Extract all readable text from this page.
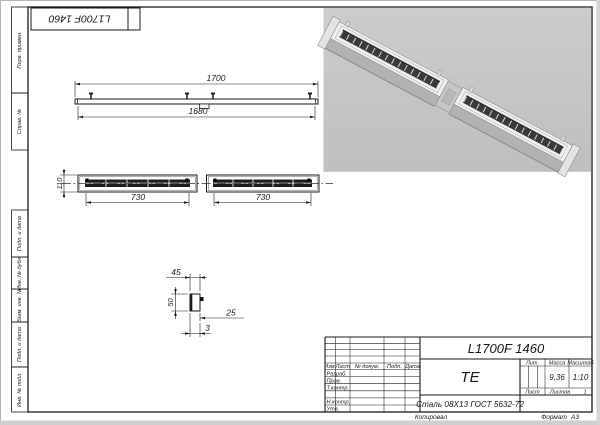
Перв. примен.
Справ. №
Подп. и дата
Инв. № дубл.
Взам. инв. №
Подп. и дата
Инв. № подл.
L1700F 1460
1700
1680
110
730	730
45
50
25
3
Изм. Лист № докум. Подп. Дата
Разраб.
Пров.
Т.контр.
Н.контр.
Утв.
L1700F 1460
ТЕ
Сталь 08Х13 ГОСТ 5632-72
Лит. Масса Масштаб
9,36 1:10
Лист Листов 1
Копировал	Формат А3
